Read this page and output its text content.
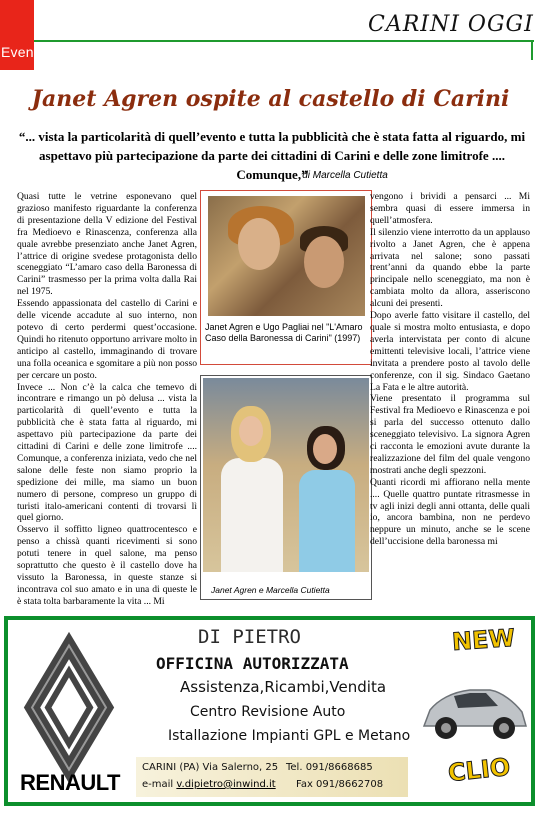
Eventi
CARINI OGGI
Janet Agren ospite al castello di Carini
“... vista la particolarità di quell’evento e tutta la pubblicità che è stata fatta al riguardo, mi aspettavo più partecipazione da parte dei cittadini di Carini e delle zone limitrofe .... Comunque,”
di Marcella Cutietta

Quasi tutte le vetrine esponevano quel grazioso manifesto riguardante la conferenza di presentazione della V edizione del Festival fra Medioevo e Rinascenza, conferenza alla quale avrebbe presenziato anche Janet Agren, l’attrice di origine svedese protagonista dello sceneggiato “L’amaro caso della Baronessa di Carini” trasmesso per la prima volta dalla Rai nel 1975.

Essendo appassionata del castello di Carini e delle vicende accadute al suo interno, non potevo di certo perdermi quest’occasione. Quindi ho ritenuto opportuno arrivare molto in anticipo al castello, immaginando di trovare una folla oceanica e sgomitare a più non posso per cercare un posto.

Invece ... Non c’è la calca che temevo di incontrare e rimango un pò delusa ... vista la particolarità di quell’evento e tutta la pubblicità che è stata fatta al riguardo, mi aspettavo più partecipazione da parte dei cittadini di Carini e delle zone limitrofe .... Comunque, a conferenza iniziata, vedo che nel salone delle feste non siamo proprio la spedizione dei mille, ma siamo un buon numero di persone, compreso un gruppo di turisti italo-americani contenti di trovarsi lì quel giorno.

Osservo il soffitto ligneo quattrocentesco e penso a chissà quanti ricevimenti si sono potuti tenere in quel salone, ma penso soprattutto che questo è il castello dove ha vissuto la Baronessa, in queste stanze si incontrava col suo amato e in una di queste le è stata tolta barbaramente la vita ... Mi

Janet Agren e Ugo Pagliai nel "L'Amaro Caso della Baronessa di Carini" (1997)
Janet Agren e Marcella Cutietta

vengono i brividi a pensarci ... Mi sembra quasi di essere immersa in quell’atmosfera.

Il silenzio viene interrotto da un applauso rivolto a Janet Agren, che è appena arrivata nel salone; sono passati trent’anni da quando ebbe la parte principale nello sceneggiato, ma non è cambiata molto da allora, asseriscono alcuni dei presenti.

Dopo averle fatto visitare il castello, del quale si mostra molto entusiasta, e dopo averla intervistata per conto di alcune emittenti televisive locali, l’attrice viene invitata a prendere posto al tavolo delle conferenze, con il sig. Sindaco Gaetano La Fata e le altre autorità.

Viene presentato il programma sul Festival fra Medioevo e Rinascenza e poi si parla del successo ottenuto dallo sceneggiato televisivo. La signora Agren ci racconta le emozioni avute durante la realizzazione del film del quale vengono mostrati anche degli spezzoni.

Quanti ricordi mi affiorano nella mente .... Quelle quattro puntate ritrasmesse in tv agli inizi degli anni ottanta, delle quali io, ancora bambina, non ne perdevo neppure un minuto, anche se le scene dell’uccisione della baronessa mi

RENAULT
DI PIETRO
OFFICINA AUTORIZZATA
Assistenza,Ricambi,Vendita
Centro Revisione Auto
Istallazione Impianti GPL e Metano
CARINI (PA) Via Salerno, 25 Tel. 091/8668685
e-mail v.dipietro@inwind.it Fax 091/8662708
NEW
CLIO
